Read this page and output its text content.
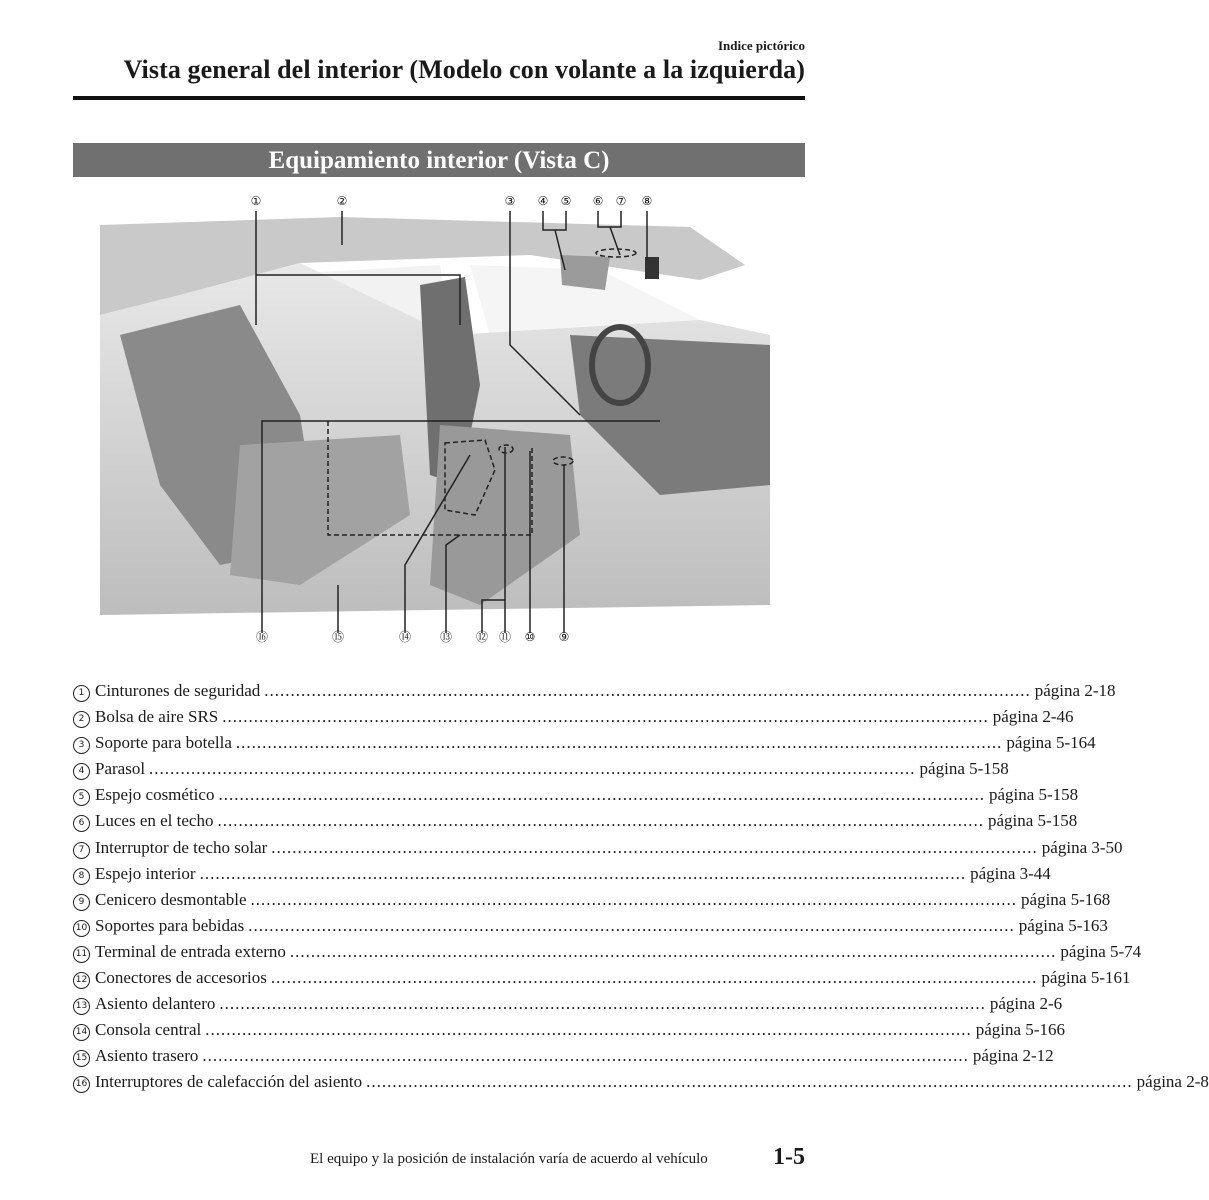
Indice pictórico
Vista general del interior (Modelo con volante a la izquierda)
Equipamiento interior (Vista C)
①	②	③ ④ ⑤ ⑥ ⑦ ⑧
⑯	⑮	⑭ ⑬ ⑫ ⑪ ⑩ ⑨
1 Cinturones de seguridad .................................................................................................................................................. página 2-18
2 Bolsa de aire SRS .................................................................................................................................................. página 2-46
3 Soporte para botella .................................................................................................................................................. página 5-164
4 Parasol .................................................................................................................................................. página 5-158
5 Espejo cosmético .................................................................................................................................................. página 5-158
6 Luces en el techo .................................................................................................................................................. página 5-158
7 Interruptor de techo solar .................................................................................................................................................. página 3-50
8 Espejo interior .................................................................................................................................................. página 3-44
9 Cenicero desmontable .................................................................................................................................................. página 5-168
10 Soportes para bebidas .................................................................................................................................................. página 5-163
11 Terminal de entrada externo .................................................................................................................................................. página 5-74
12 Conectores de accesorios .................................................................................................................................................. página 5-161
13 Asiento delantero .................................................................................................................................................. página 2-6
14 Consola central .................................................................................................................................................. página 5-166
15 Asiento trasero .................................................................................................................................................. página 2-12
16 Interruptores de calefacción del asiento .................................................................................................................................................. página 2-8
El equipo y la posición de instalación varía de acuerdo al vehículo	1-5
